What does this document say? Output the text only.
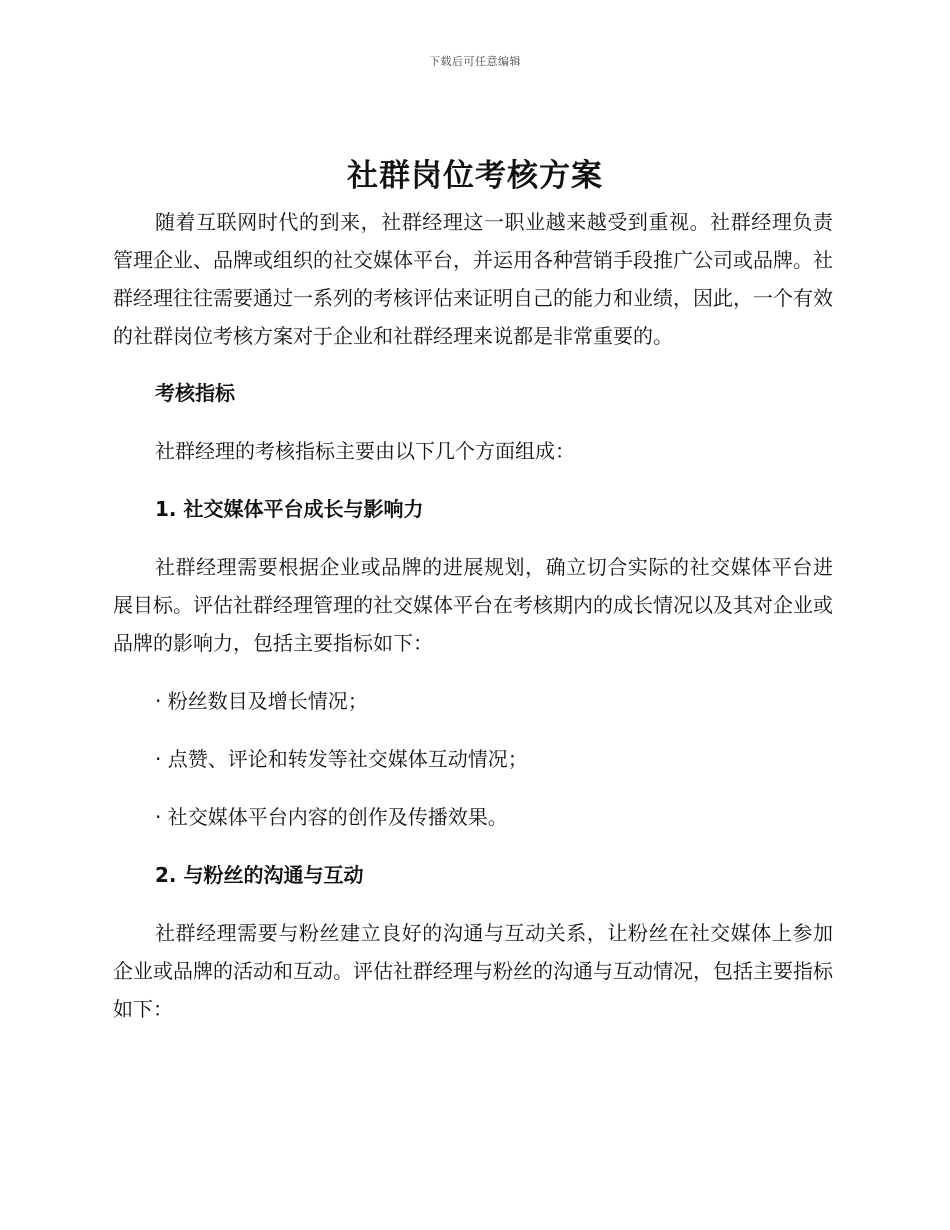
下载后可任意编辑
社群岗位考核方案

随着互联网时代的到来，社群经理这一职业越来越受到重视。社群经理负责管理企业、品牌或组织的社交媒体平台，并运用各种营销手段推广公司或品牌。社群经理往往需要通过一系列的考核评估来证明自己的能力和业绩，因此，一个有效的社群岗位考核方案对于企业和社群经理来说都是非常重要的。

考核指标

社群经理的考核指标主要由以下几个方面组成：

1. 社交媒体平台成长与影响力

社群经理需要根据企业或品牌的进展规划，确立切合实际的社交媒体平台进展目标。评估社群经理管理的社交媒体平台在考核期内的成长情况以及其对企业或品牌的影响力，包括主要指标如下：

· 粉丝数目及增长情况；

· 点赞、评论和转发等社交媒体互动情况；

· 社交媒体平台内容的创作及传播效果。

2. 与粉丝的沟通与互动

社群经理需要与粉丝建立良好的沟通与互动关系，让粉丝在社交媒体上参加企业或品牌的活动和互动。评估社群经理与粉丝的沟通与互动情况，包括主要指标如下：
